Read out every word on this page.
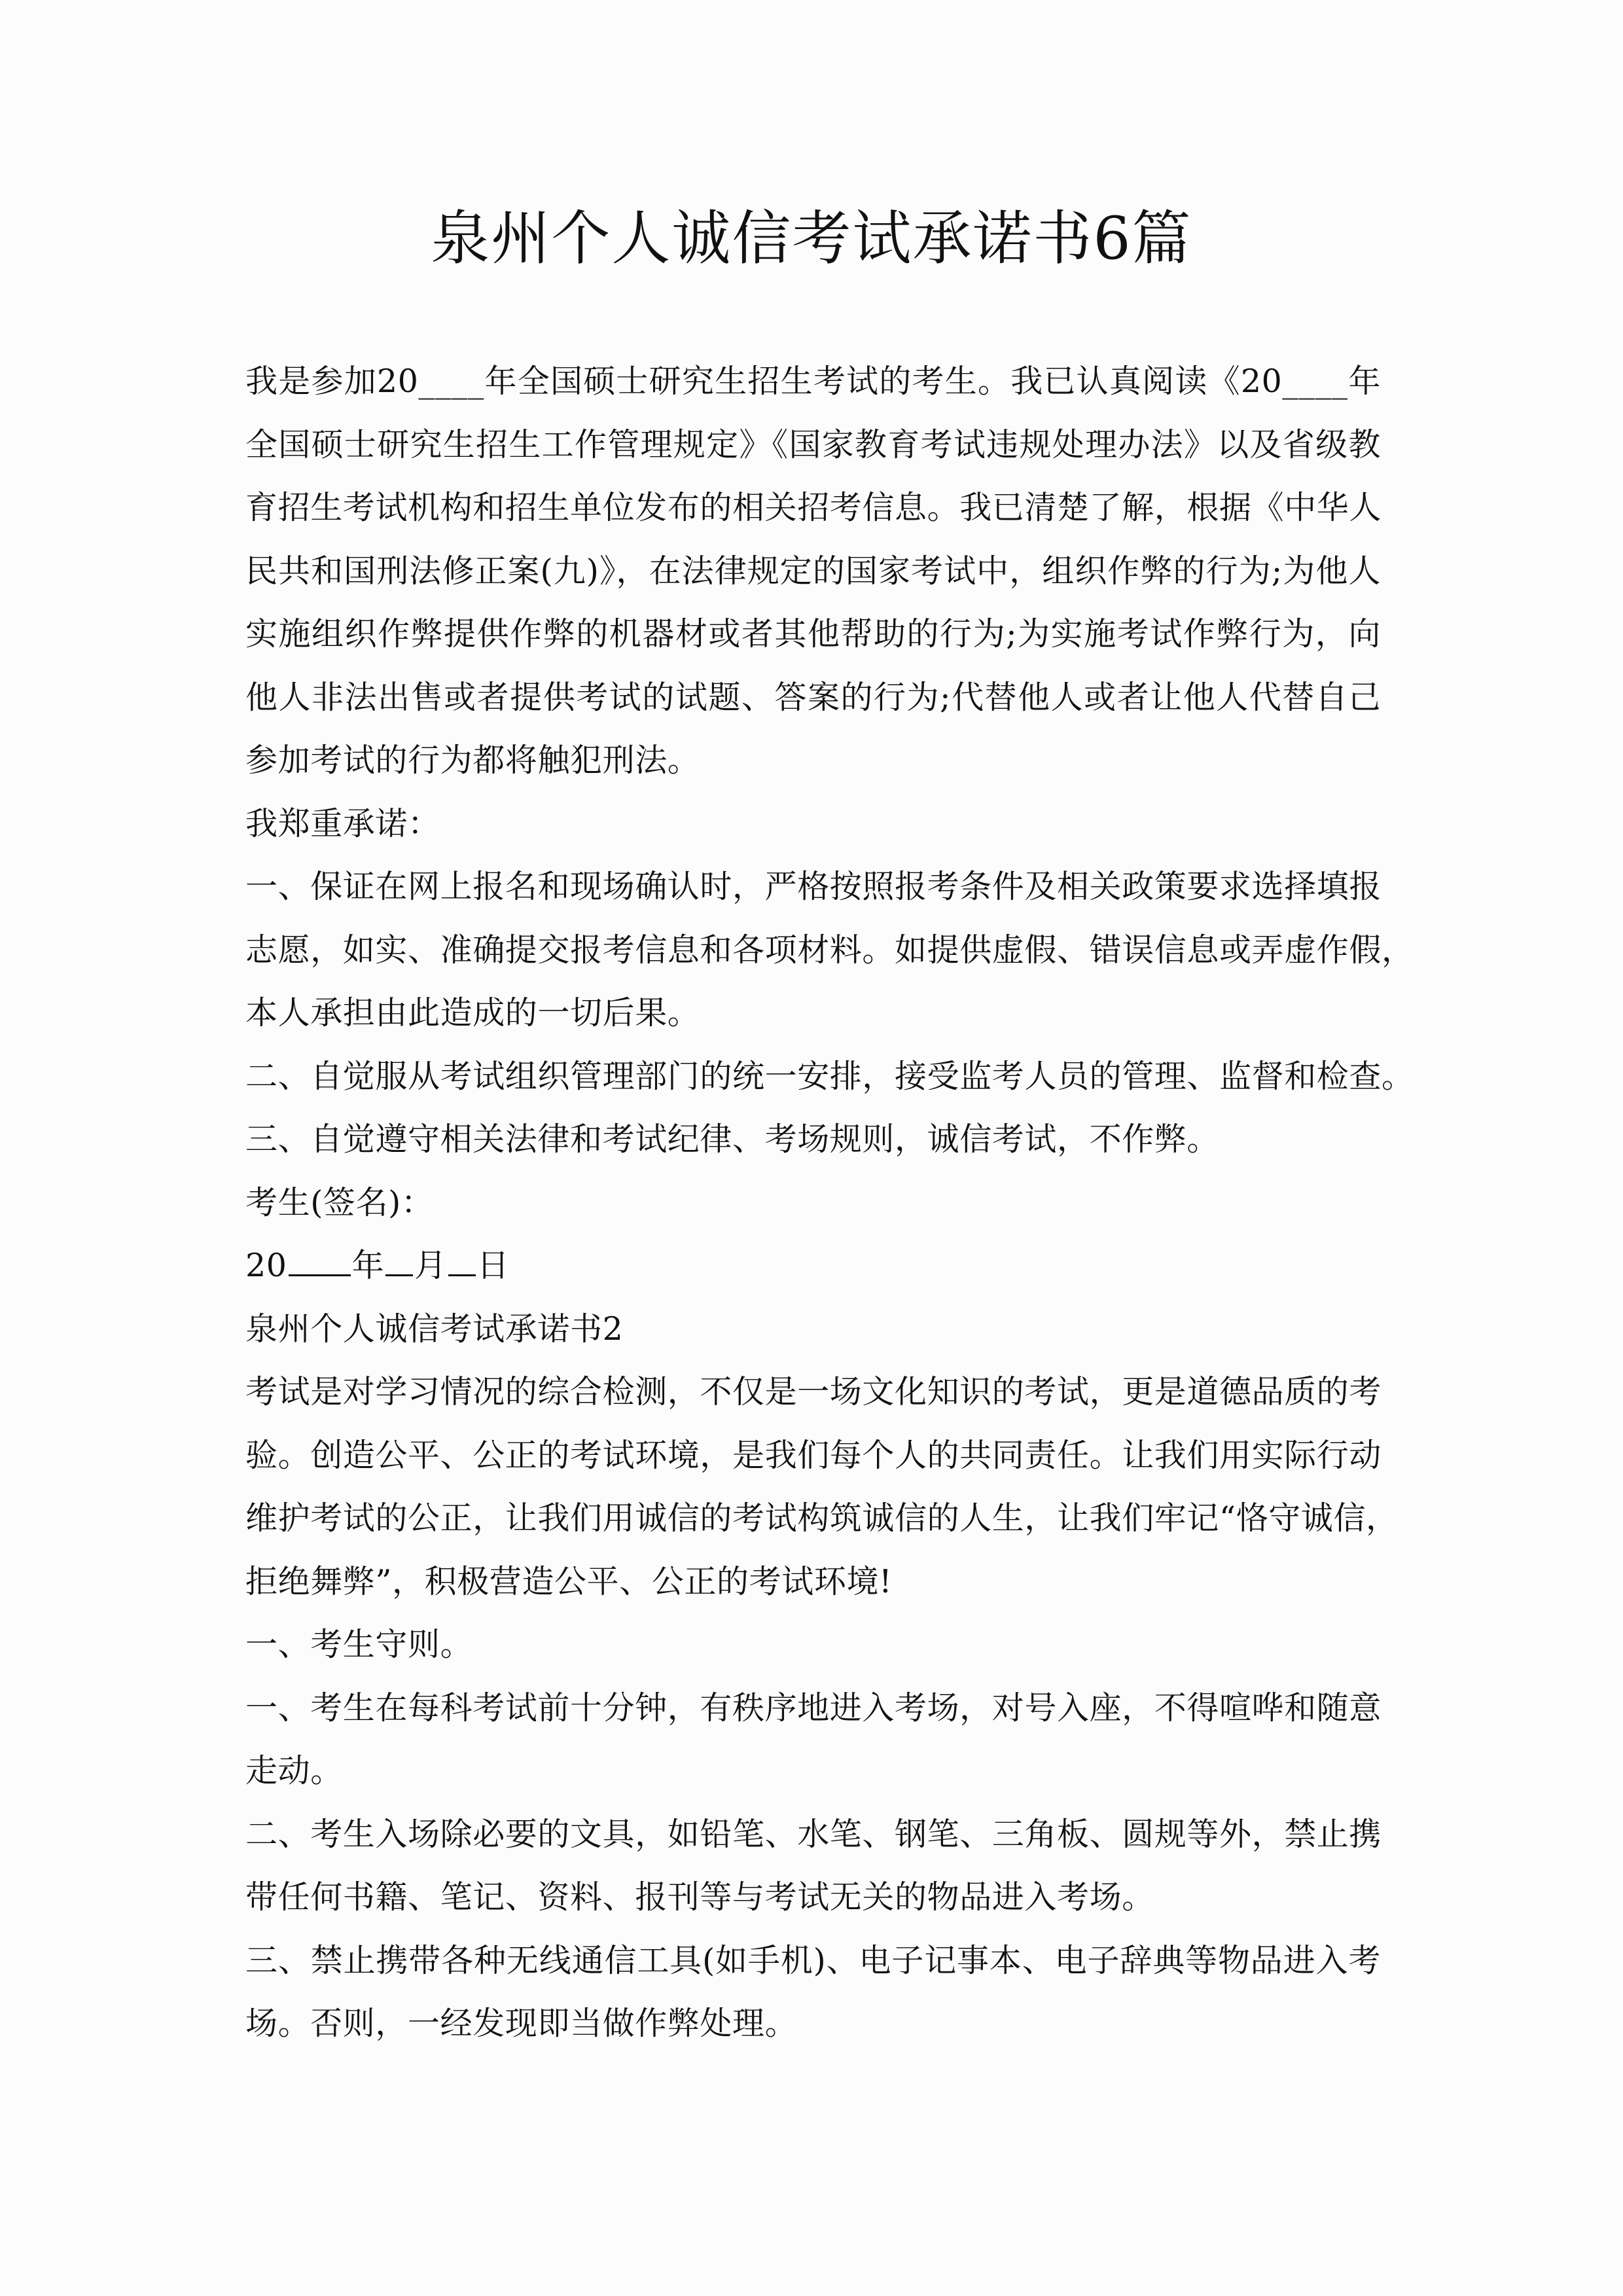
泉州个人诚信考试承诺书6篇
我是参加20____年全国硕士研究生招生考试的考生。我已认真阅读《20____年
全国硕士研究生招生工作管理规定》《国家教育考试违规处理办法》以及省级教
育招生考试机构和招生单位发布的相关招考信息。我已清楚了解，根据《中华人
民共和国刑法修正案(九)》，在法律规定的国家考试中，组织作弊的行为;为他人
实施组织作弊提供作弊的机器材或者其他帮助的行为;为实施考试作弊行为，向
他人非法出售或者提供考试的试题、答案的行为;代替他人或者让他人代替自己
参加考试的行为都将触犯刑法。
我郑重承诺：
一、保证在网上报名和现场确认时，严格按照报考条件及相关政策要求选择填报
志愿，如实、准确提交报考信息和各项材料。如提供虚假、错误信息或弄虚作假，
本人承担由此造成的一切后果。
二、自觉服从考试组织管理部门的统一安排，接受监考人员的管理、监督和检查。
三、自觉遵守相关法律和考试纪律、考场规则，诚信考试，不作弊。
考生(签名)：
20 年 月 日
泉州个人诚信考试承诺书2
考试是对学习情况的综合检测，不仅是一场文化知识的考试，更是道德品质的考
验。创造公平、公正的考试环境，是我们每个人的共同责任。让我们用实际行动
维护考试的公正，让我们用诚信的考试构筑诚信的人生，让我们牢记“恪守诚信，
拒绝舞弊”，积极营造公平、公正的考试环境!
一、考生守则。
一、考生在每科考试前十分钟，有秩序地进入考场，对号入座，不得喧哗和随意
走动。
二、考生入场除必要的文具，如铅笔、水笔、钢笔、三角板、圆规等外，禁止携
带任何书籍、笔记、资料、报刊等与考试无关的物品进入考场。
三、禁止携带各种无线通信工具(如手机)、电子记事本、电子辞典等物品进入考
场。否则，一经发现即当做作弊处理。
